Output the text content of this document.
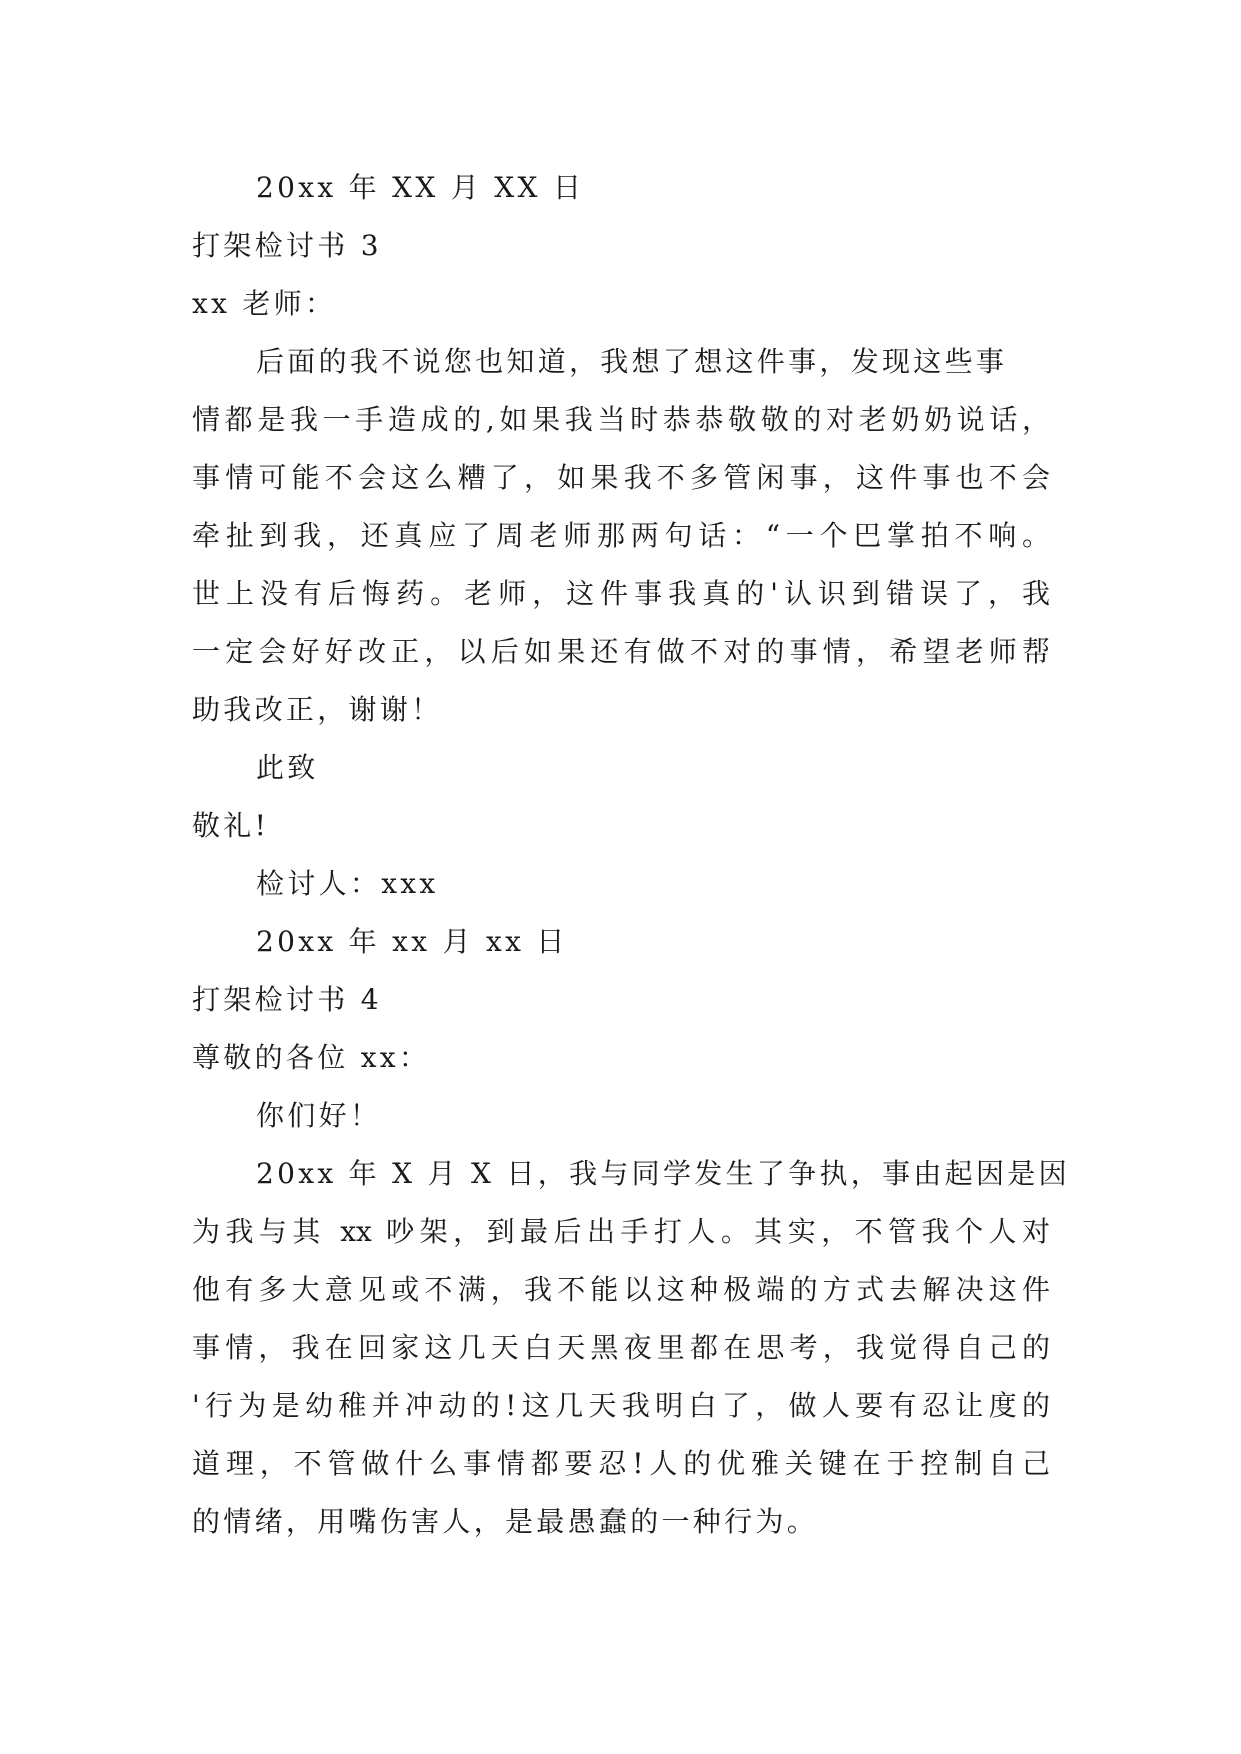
20xx 年 XX 月 XX 日
打架检讨书 3
xx 老师：
后面的我不说您也知道，我想了想这件事，发现这些事
情都是我一手造成的,如果我当时恭恭敬敬的对老奶奶说话，
事情可能不会这么糟了，如果我不多管闲事，这件事也不会
牵扯到我，还真应了周老师那两句话：“一个巴掌拍不响。
世上没有后悔药。老师，这件事我真的'认识到错误了，我
一定会好好改正，以后如果还有做不对的事情，希望老师帮
助我改正，谢谢！
此致
敬礼!
检讨人：xxx
20xx 年 xx 月 xx 日
打架检讨书 4
尊敬的各位 xx：
你们好！
20xx 年 X 月 X 日，我与同学发生了争执，事由起因是因
为我与其 xx 吵架，到最后出手打人。其实，不管我个人对
他有多大意见或不满，我不能以这种极端的方式去解决这件
事情，我在回家这几天白天黑夜里都在思考，我觉得自己的
'行为是幼稚并冲动的!这几天我明白了，做人要有忍让度的
道理，不管做什么事情都要忍!人的优雅关键在于控制自己
的情绪，用嘴伤害人，是最愚蠢的一种行为。
